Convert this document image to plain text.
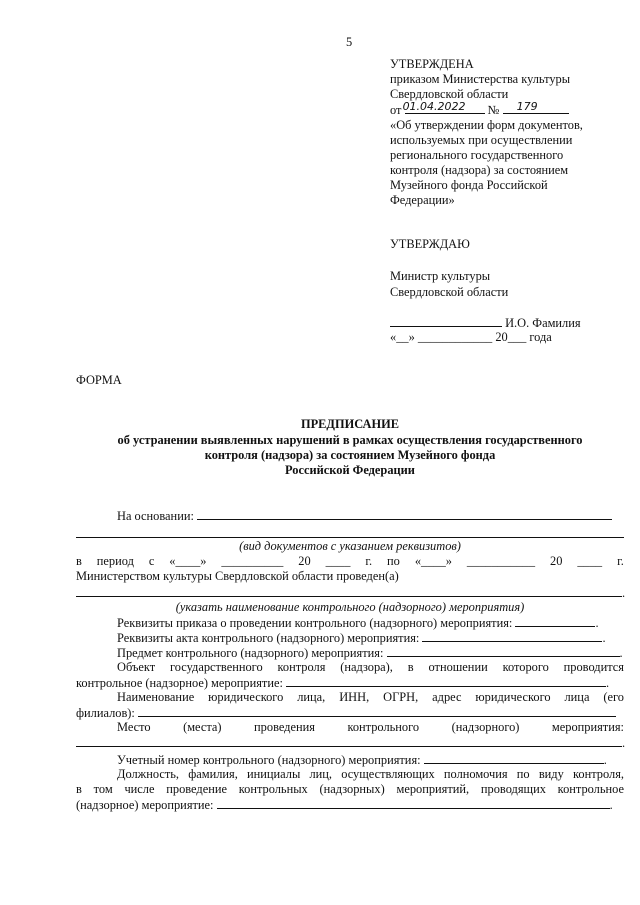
5
УТВЕРЖДЕНА
приказом Министерства культуры
Свердловской области
от 01.04.2022 № 179
«Об утверждении форм документов,
используемых при осуществлении
регионального государственного
контроля (надзора) за состоянием
Музейного фонда Российской
Федерации»
УТВЕРЖДАЮ
Министр культуры
Свердловской области
И.О. Фамилия
«__» ____________ 20___ года
ФОРМА
ПРЕДПИСАНИЕ
об устранении выявленных нарушений в рамках осуществления государственного
контроля (надзора) за состоянием Музейного фонда
Российской Федерации
На основании:
(вид документов с указанием реквизитов)
в период с «____» __________ 20 ____ г. по «____» ___________ 20 ____ г.
Министерством культуры Свердловской области проведен(а)
.
(указать наименование контрольного (надзорного) мероприятия)
Реквизиты приказа о проведении контрольного (надзорного) мероприятия:	.
Реквизиты акта контрольного (надзорного) мероприятия:	.
Предмет контрольного (надзорного) мероприятия:	.
Объект государственного контроля (надзора), в отношении которого проводится
контрольное (надзорное) мероприятие:	.
Наименование юридического лица, ИНН, ОГРН, адрес юридического лица (его
филиалов):
Место	(места)	проведения	контрольного	(надзорного)	мероприятия:
.
Учетный номер контрольного (надзорного) мероприятия:	.
Должность, фамилия, инициалы лиц, осуществляющих полномочия по виду контроля,
в том числе проведение контрольных (надзорных) мероприятий, проводящих контрольное
(надзорное) мероприятие:	.
